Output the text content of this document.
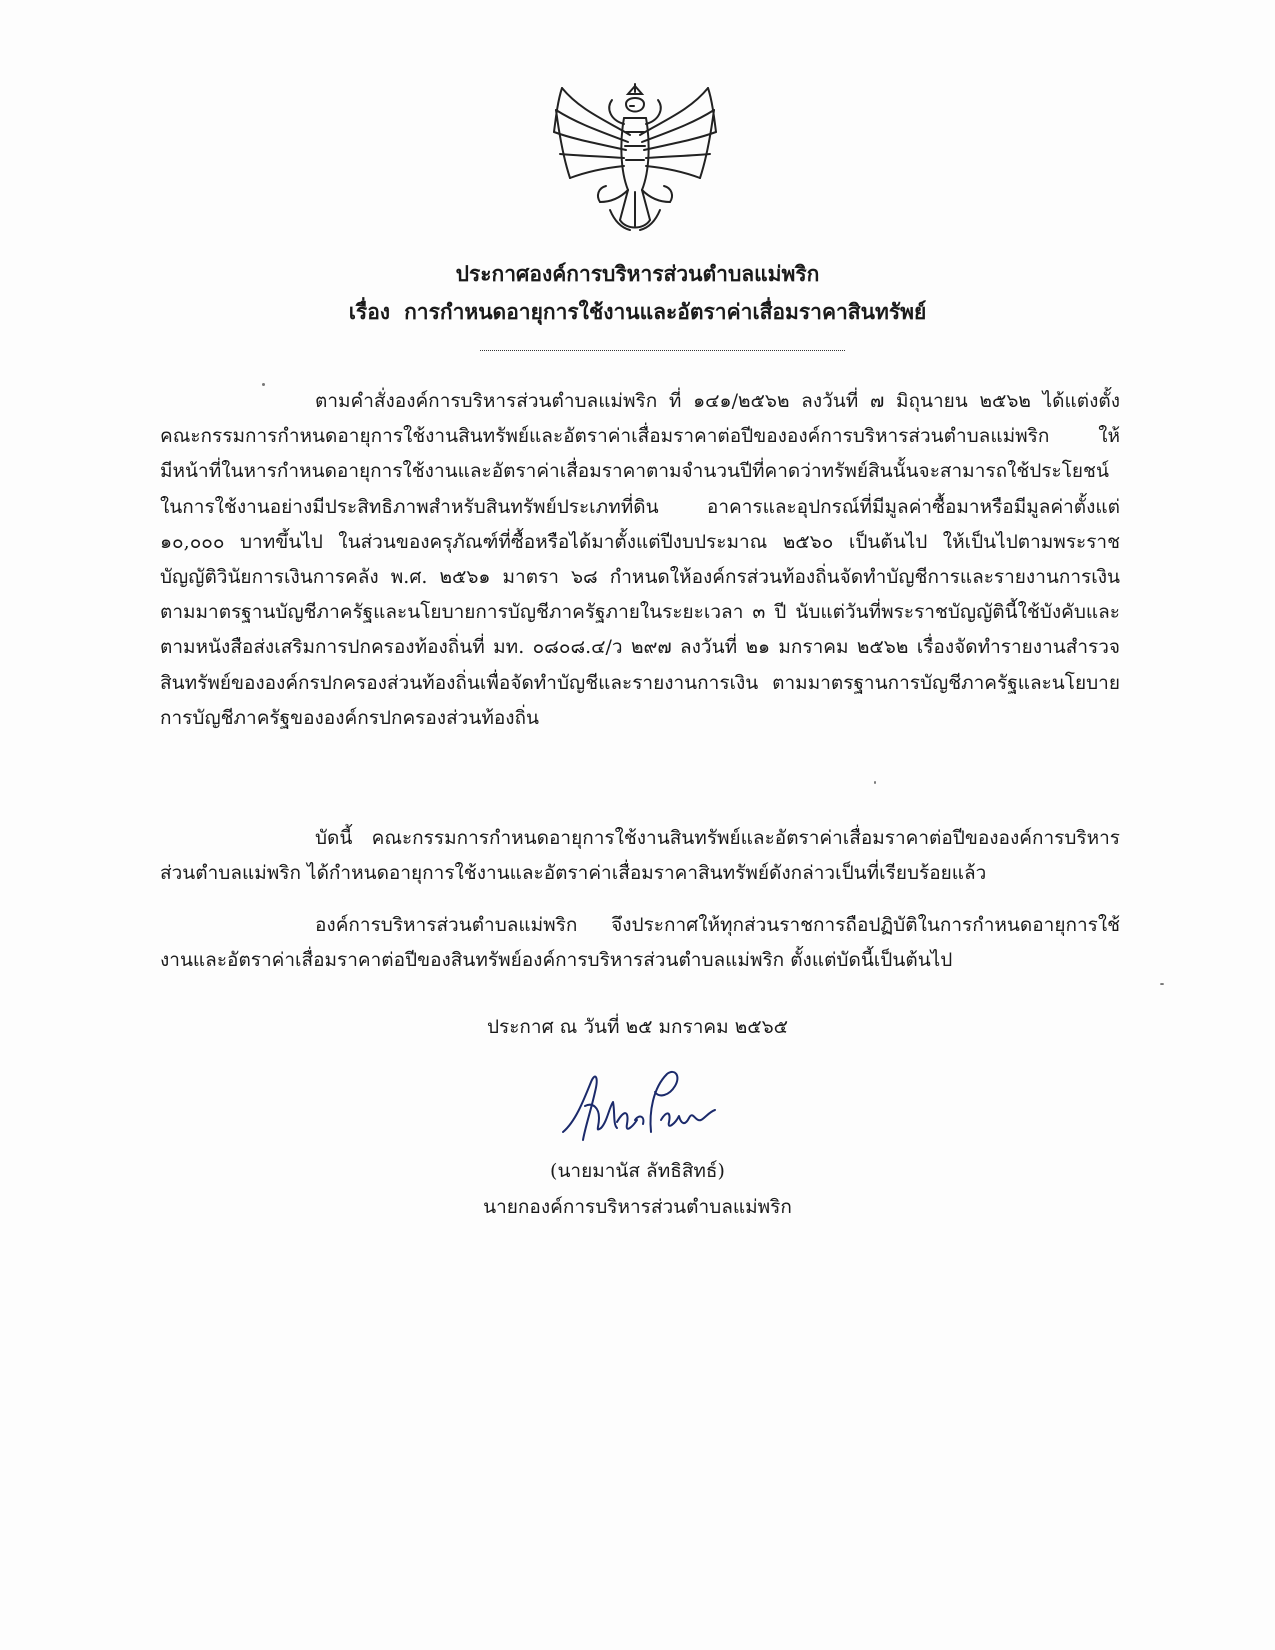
ประกาศองค์การบริหารส่วนตำบลแม่พริก
เรื่อง การกำหนดอายุการใช้งานและอัตราค่าเสื่อมราคาสินทรัพย์
ตามคำสั่งองค์การบริหารส่วนตำบลแม่พริก ที่ ๑๔๑/๒๕๖๒ ลงวันที่ ๗ มิถุนายน ๒๕๖๒ ได้แต่งตั้งคณะกรรมการกำหนดอายุการใช้งานสินทรัพย์และอัตราค่าเสื่อมราคาต่อปีขององค์การบริหารส่วนตำบลแม่พริก ให้มีหน้าที่ในหารกำหนดอายุการใช้งานและอัตราค่าเสื่อมราคาตามจำนวนปีที่คาดว่าทรัพย์สินนั้นจะสามารถใช้ประโยชน์ในการใช้งานอย่างมีประสิทธิภาพสำหรับสินทรัพย์ประเภทที่ดิน อาคารและอุปกรณ์ที่มีมูลค่าซื้อมาหรือมีมูลค่าตั้งแต่ ๑๐,๐๐๐ บาทขึ้นไป ในส่วนของครุภัณฑ์ที่ซื้อหรือได้มาตั้งแต่ปีงบประมาณ ๒๕๖๐ เป็นต้นไป ให้เป็นไปตามพระราชบัญญัติวินัยการเงินการคลัง พ.ศ. ๒๕๖๑ มาตรา ๖๘ กำหนดให้องค์กรส่วนท้องถิ่นจัดทำบัญชีการและรายงานการเงินตามมาตรฐานบัญชีภาครัฐและนโยบายการบัญชีภาครัฐภายในระยะเวลา ๓ ปี นับแต่วันที่พระราชบัญญัตินี้ใช้บังคับและตามหนังสือส่งเสริมการปกครองท้องถิ่นที่ มท. ๐๘๐๘.๔/ว ๒๙๗ ลงวันที่ ๒๑ มกราคม ๒๕๖๒ เรื่องจัดทำรายงานสำรวจสินทรัพย์ขององค์กรปกครองส่วนท้องถิ่นเพื่อจัดทำบัญชีและรายงานการเงิน ตามมาตรฐานการบัญชีภาครัฐและนโยบายการบัญชีภาครัฐขององค์กรปกครองส่วนท้องถิ่น
บัดนี้ คณะกรรมการกำหนดอายุการใช้งานสินทรัพย์และอัตราค่าเสื่อมราคาต่อปีขององค์การบริหารส่วนตำบลแม่พริก ได้กำหนดอายุการใช้งานและอัตราค่าเสื่อมราคาสินทรัพย์ดังกล่าวเป็นที่เรียบร้อยแล้ว
องค์การบริหารส่วนตำบลแม่พริก จึงประกาศให้ทุกส่วนราชการถือปฏิบัติในการกำหนดอายุการใช้งานและอัตราค่าเสื่อมราคาต่อปีของสินทรัพย์องค์การบริหารส่วนตำบลแม่พริก ตั้งแต่บัดนี้เป็นต้นไป
ประกาศ ณ วันที่ ๒๕ มกราคม ๒๕๖๕
(นายมานัส ลัทธิสิทธ์)
นายกองค์การบริหารส่วนตำบลแม่พริก
